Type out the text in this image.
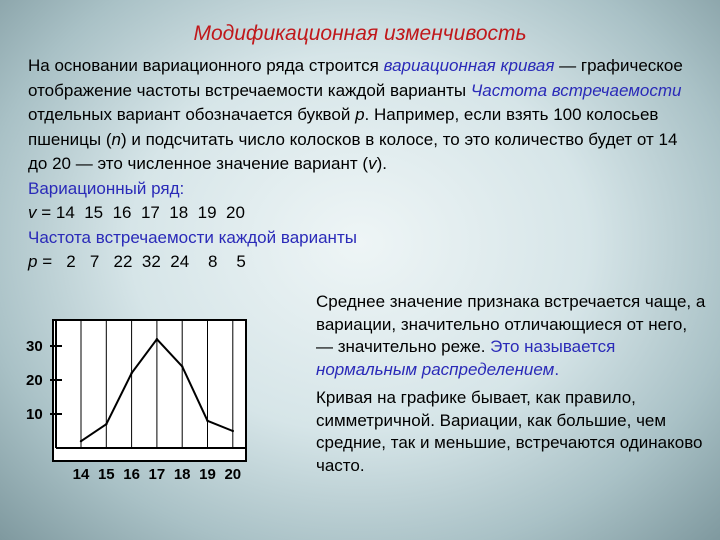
Модификационная изменчивость

На основании вариационного ряда строится вариационная кривая — графическое отображение частоты встречаемости каждой варианты Частота встречаемости отдельных вариант обозначается буквой р. Например, если взять 100 колосьев пшеницы (n) и подсчитать число колосков в колосе, то это количество будет от 14 до 20 — это численное значение вариант (v).

Вариационный ряд:

v = 14  15  16  17  18  19  20

Частота встречаемости каждой варианты

p =   2   7   22  32  24    8    5

Среднее значение признака встречается чаще, а вариации, значительно отличающиеся от него, — значительно реже. Это называется нормальным распределением.

Кривая на графике бывает, как правило, симметричной. Вариации, как большие, чем средние, так и меньшие, встречаются одинаково часто.

10
20
30
14 15 16 17 18 19 20
